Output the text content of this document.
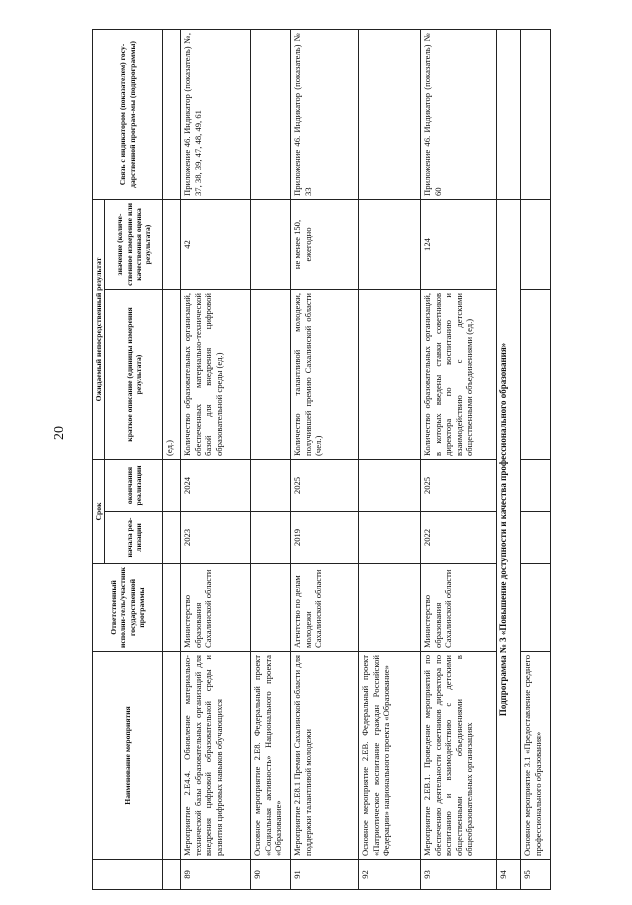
20
	Наименование мероприятия	Ответственный исполни-тель/участник государственной программы	Срок		Ожидаемый непосредственный результат		Связь с индикатором (показателем) госу-дарственной програм-мы (подпрограммы)
			начала реа-лизации	окончания реализации	краткое описание (единицы измерения результата)	значение (количе-ственное измерение или качественная оценка результата)	
					(ед.)		
89	Мероприятие 2.Е4.4. Обновление материально-технической базы образовательных организаций для внедрения цифровой образовательной среды и развития цифровых навыков обучающихся	Министерство образования Сахалинской области	2023	2024	Количество образовательных организаций, обеспеченных материально-технической базой для внедрения цифровой образовательной среды (ед.)	42	Приложение 46. Индикатор (показатель) №, 37, 38, 39, 47, 48, 49, 61
90	Основное мероприятие 2.Е8. Федеральный проект «Социальная активность» Национального проекта «Образование»						
91	Мероприятие 2.Е8.1 Премии Сахалинской области для поддержки талантливой молодежи	Агентство по делам молодежи Сахалинской области	2019	2025	Количество талантливой молодежи, получившей премию Сахалинской области (чел.)	не менее 150, ежегодно	Приложение 46. Индикатор (показатель) № 33
92	Основное мероприятие 2.ЕВ. Федеральный проект «Патриотическое воспитание граждан Российской Федерации» национального проекта «Образование»						
93	Мероприятие 2.ЕВ.1. Проведение мероприятий по обеспечению деятельности советников директора по воспитанию и взаимодействию с детскими общественными объединениями в общеобразовательных организациях	Министерство образования Сахалинской области	2022	2025	Количество образовательных организаций, в которых введены ставки советников директора по воспитанию и взаимодействию с детскими общественными объединениями (ед.)	124	Приложение 46. Индикатор (показатель) № 60
94	Подпрограмма № 3 «Повышение доступности и качества профессионального образования»						
95	Основное мероприятие 3.1 «Предоставление среднего профессионального образования»						
